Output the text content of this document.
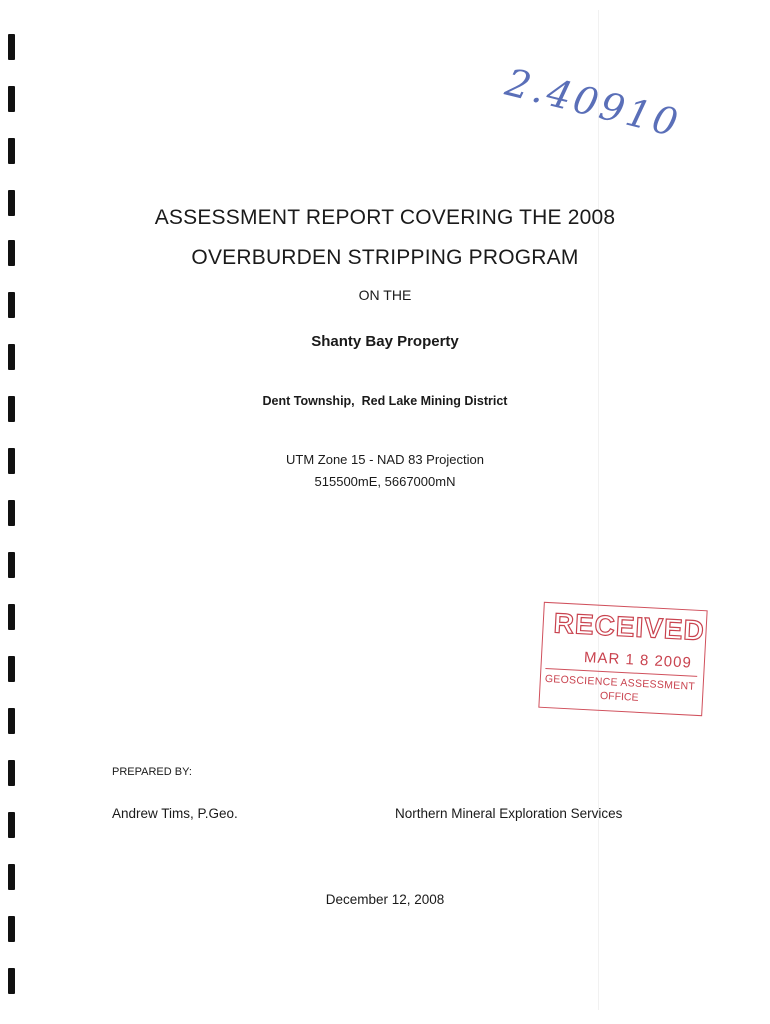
2.40910
ASSESSMENT REPORT COVERING THE 2008
OVERBURDEN STRIPPING PROGRAM
ON THE
Shanty Bay Property
Dent Township,  Red Lake Mining District
UTM Zone 15 - NAD 83 Projection
515500mE, 5667000mN
RECEIVED
MAR 1 8 2009
GEOSCIENCE ASSESSMENT
OFFICE
PREPARED BY:
Andrew Tims, P.Geo.	Northern Mineral Exploration Services
December 12, 2008
